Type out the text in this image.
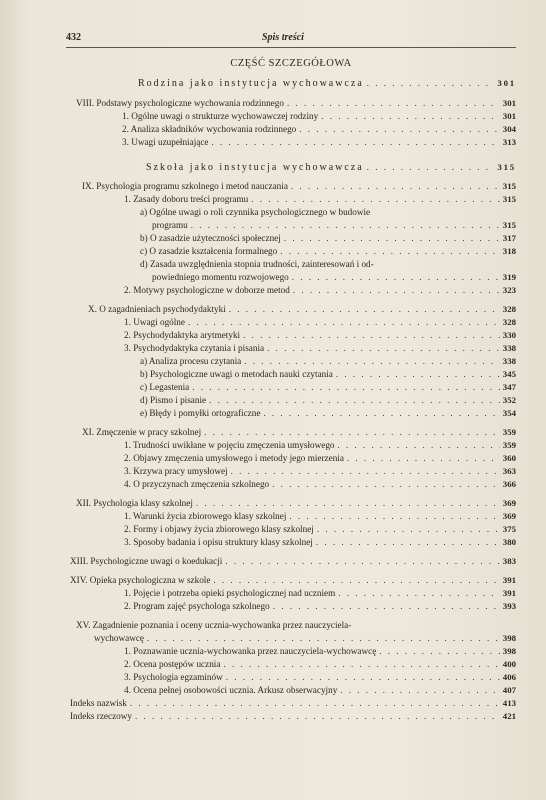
432	Spis treści
CZĘŚĆ SZCZEGÓŁOWA
Rodzina jako instytucja wychowawcza . . .	301
VIII. Podstawy psychologiczne wychowania rodzinnego . . .	301
1. Ogólne uwagi o strukturze wychowawczej rodziny . . .	301
2. Analiza składników wychowania rodzinnego . . .	304
3. Uwagi uzupełniające . . .	313
Szkoła jako instytucja wychowawcza . . .	315
IX. Psychologia programu szkolnego i metod nauczania . . .	315
1. Zasady doboru treści programu . . .	315
a) Ogólne uwagi o roli czynnika psychologicznego w budowie
programu . . .	315
b) O zasadzie użyteczności społecznej . . .	317
c) O zasadzie kształcenia formalnego . . .	318
d) Zasada uwzględnienia stopnia trudności, zainteresowań i od-
powiedniego momentu rozwojowego . . .	319
2. Motywy psychologiczne w doborze metod . . .	323
X. O zagadnieniach psychodydaktyki . . .	328
1. Uwagi ogólne . . .	328
2. Psychodydaktyka arytmetyki . . .	330
3. Psychodydaktyka czytania i pisania . . .	338
a) Analiza procesu czytania . . .	338
b) Psychologiczne uwagi o metodach nauki czytania . . .	345
c) Legastenia . . .	347
d) Pismo i pisanie . . .	352
e) Błędy i pomyłki ortograficzne . . .	354
XI. Zmęczenie w pracy szkolnej . . .	359
1. Trudności uwikłane w pojęciu zmęczenia umysłowego . . .	359
2. Objawy zmęczenia umysłowego i metody jego mierzenia . . .	360
3. Krzywa pracy umysłowej . . .	363
4. O przyczynach zmęczenia szkolnego . . .	366
XII. Psychologia klasy szkolnej . . .	369
1. Warunki życia zbiorowego klasy szkolnej . . .	369
2. Formy i objawy życia zbiorowego klasy szkolnej . . .	375
3. Sposoby badania i opisu struktury klasy szkolnej . . .	380
XIII. Psychologiczne uwagi o koedukacji . . .	383
XIV. Opieka psychologiczna w szkole . . .	391
1. Pojęcie i potrzeba opieki psychologicznej nad uczniem . . .	391
2. Program zajęć psychologa szkolnego . . .	393
XV. Zagadnienie poznania i oceny ucznia-wychowanka przez nauczyciela-
wychowawcę . . .	398
1. Poznawanie ucznia-wychowanka przez nauczyciela-wychowawcę . . .	398
2. Ocena postępów ucznia . . .	400
3. Psychologia egzaminów . . .	406
4. Ocena pełnej osobowości ucznia. Arkusz obserwacyjny . . .	407
Indeks nazwisk . . .	413
Indeks rzeczowy . . .	421
